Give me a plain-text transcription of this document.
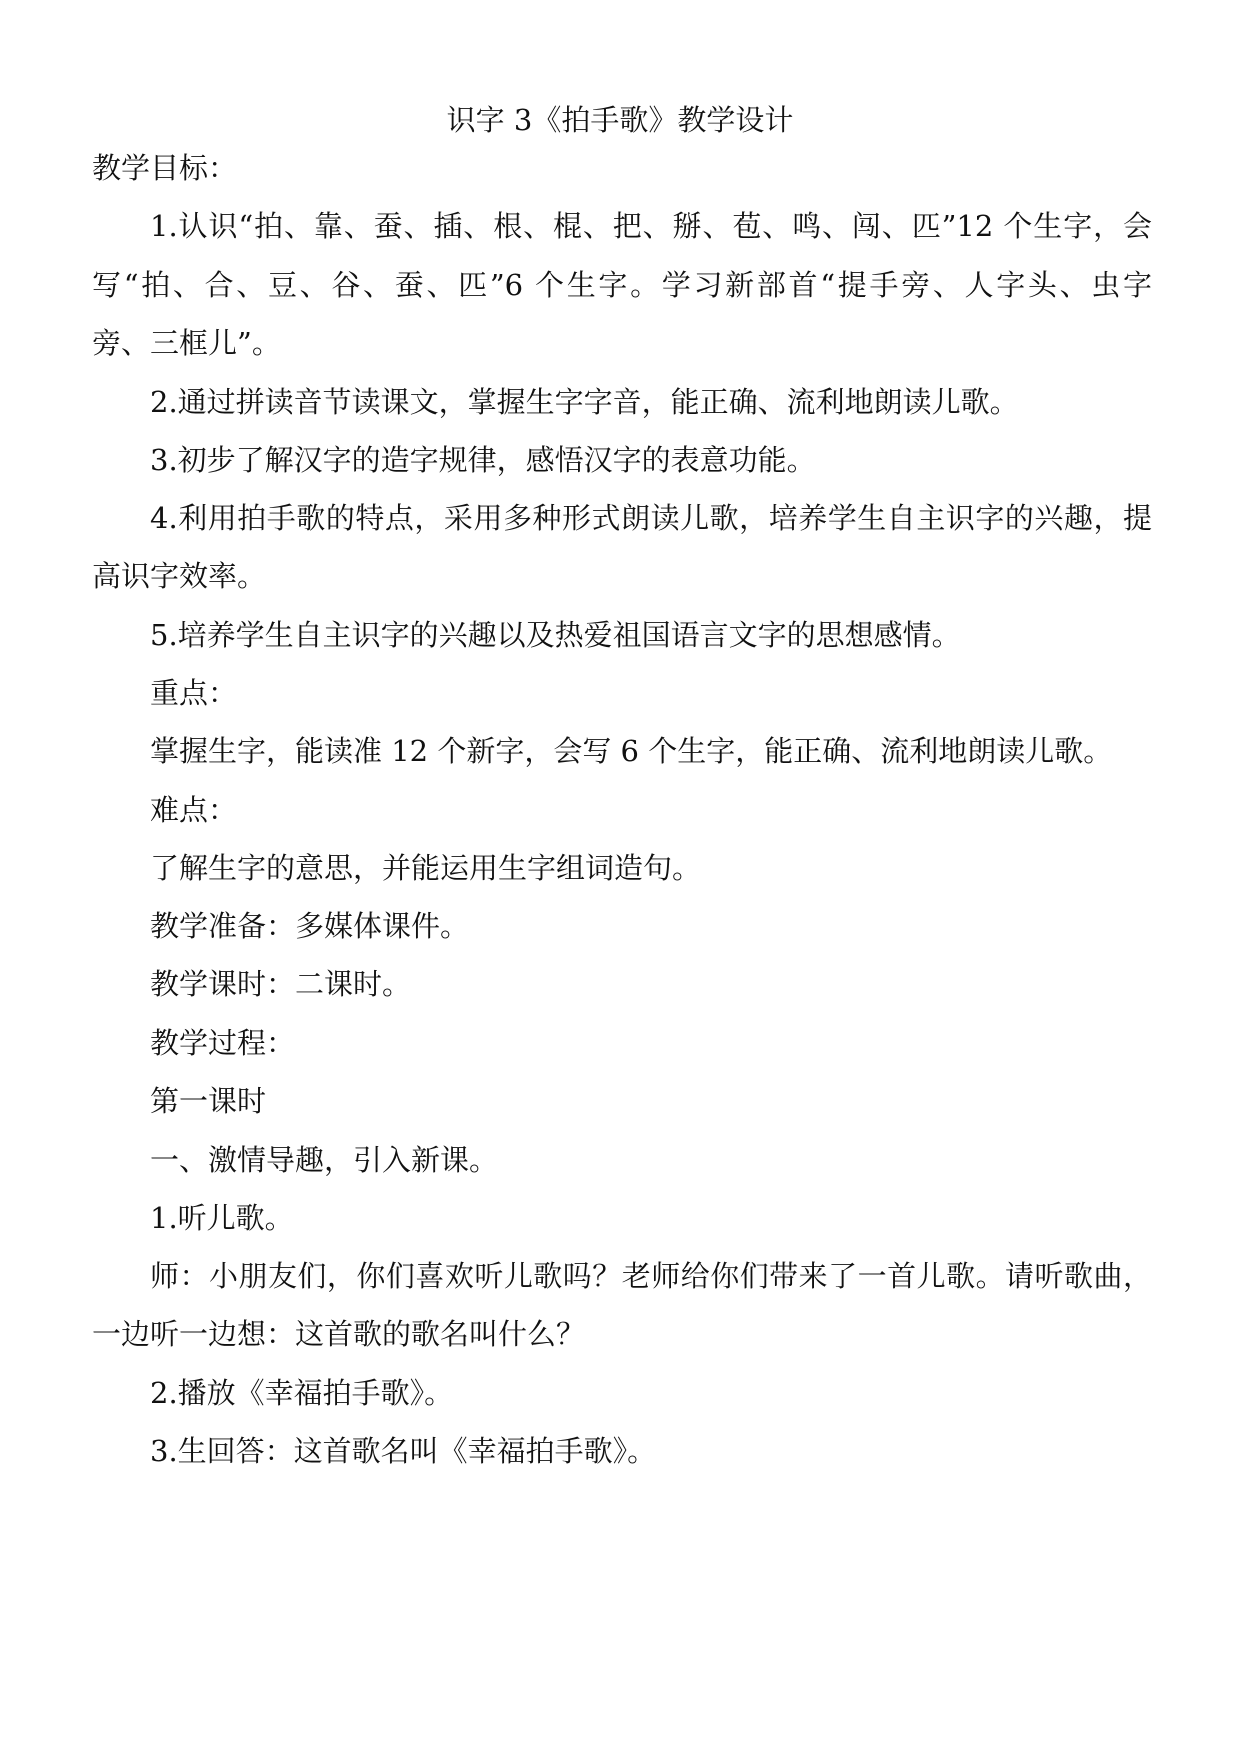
识字 3《拍手歌》教学设计
教学目标：
1.认识“拍、靠、蚕、插、根、棍、把、掰、苞、鸣、闯、匹”12 个生字，会
写“拍、合、豆、谷、蚕、匹”6 个生字。学习新部首“提手旁、人字头、虫字
旁、三框儿”。
2.通过拼读音节读课文，掌握生字字音，能正确、流利地朗读儿歌。
3.初步了解汉字的造字规律，感悟汉字的表意功能。
4.利用拍手歌的特点，采用多种形式朗读儿歌，培养学生自主识字的兴趣，提
高识字效率。
5.培养学生自主识字的兴趣以及热爱祖国语言文字的思想感情。
重点：
掌握生字，能读准 12 个新字，会写 6 个生字，能正确、流利地朗读儿歌。
难点：
了解生字的意思，并能运用生字组词造句。
教学准备：多媒体课件。
教学课时：二课时。
教学过程：
第一课时
一、激情导趣，引入新课。
1.听儿歌。
师：小朋友们，你们喜欢听儿歌吗？老师给你们带来了一首儿歌。请听歌曲，
一边听一边想：这首歌的歌名叫什么？
2.播放《幸福拍手歌》。
3.生回答：这首歌名叫《幸福拍手歌》。
